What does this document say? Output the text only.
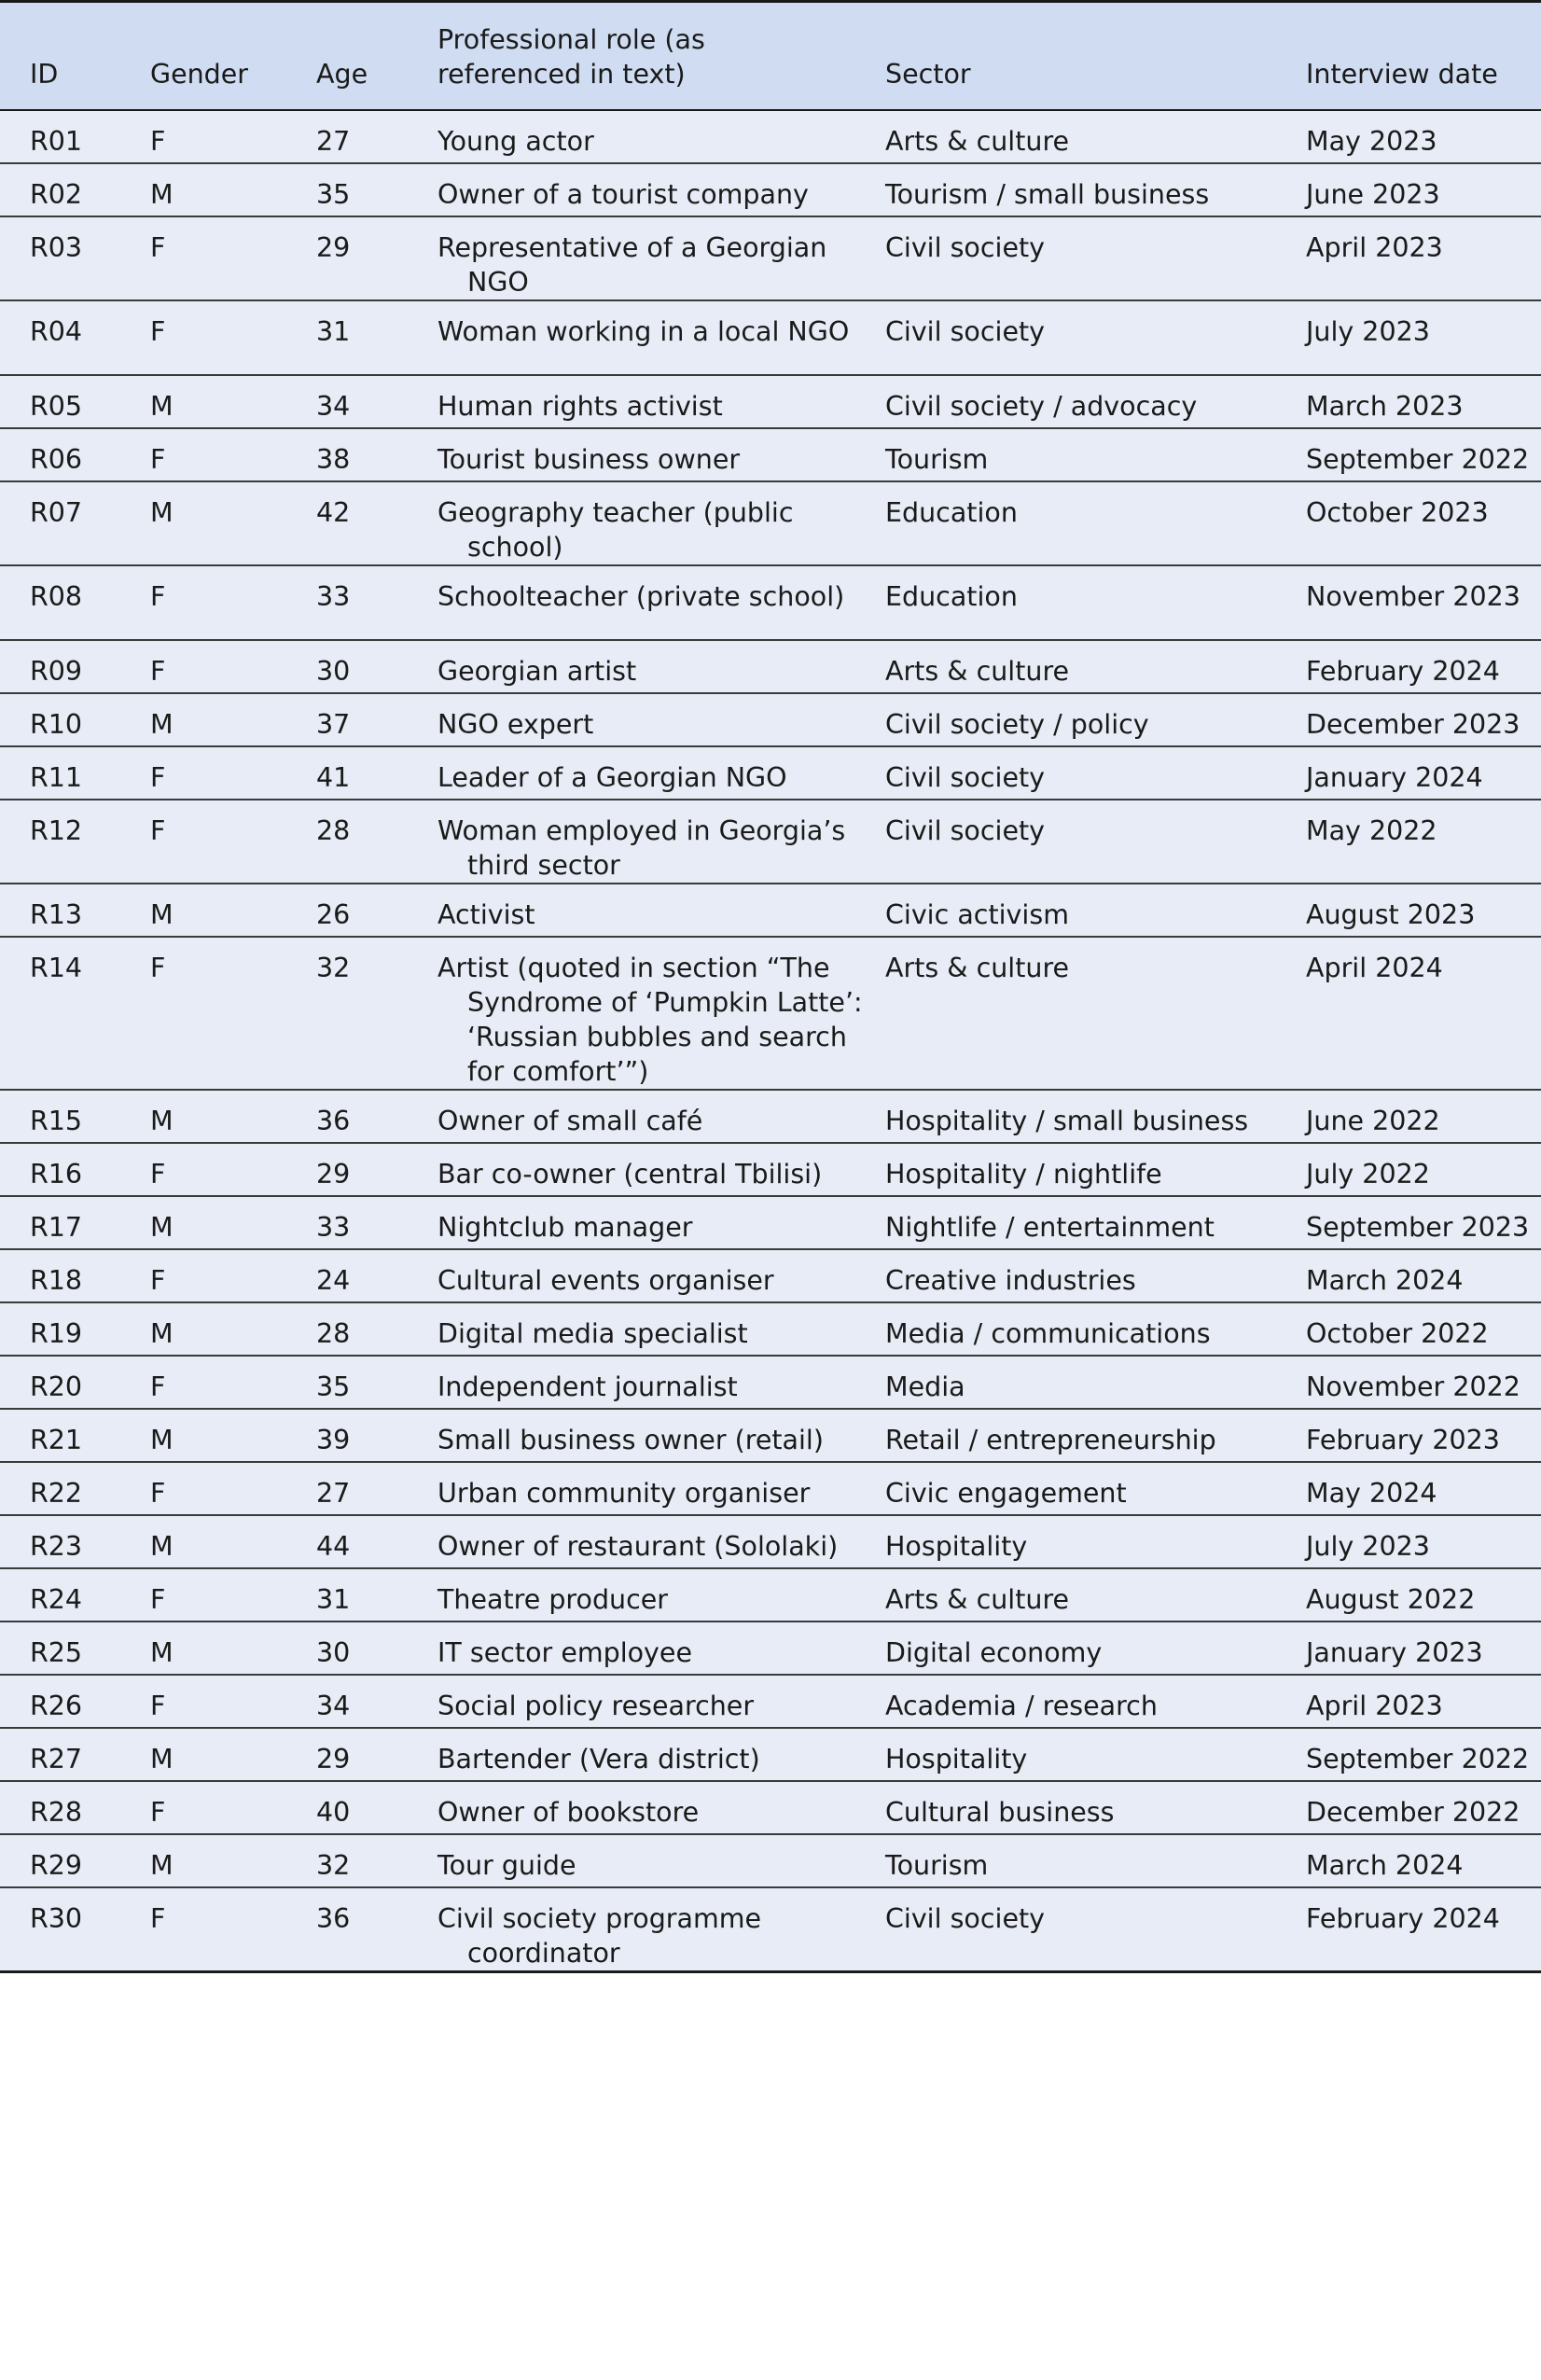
ID	Gender	Age	Professional role (as referenced in text)	Sector	Interview date
R01	F	27	Young actor	Arts & culture	May 2023
R02	M	35	Owner of a tourist company	Tourism / small business	June 2023
R03	F	29	Representative of a Georgian NGO	Civil society	April 2023
R04	F	31	Woman working in a local NGO	Civil society	July 2023
R05	M	34	Human rights activist	Civil society / advocacy	March 2023
R06	F	38	Tourist business owner	Tourism	September 2022
R07	M	42	Geography teacher (public school)	Education	October 2023
R08	F	33	Schoolteacher (private school)	Education	November 2023
R09	F	30	Georgian artist	Arts & culture	February 2024
R10	M	37	NGO expert	Civil society / policy	December 2023
R11	F	41	Leader of a Georgian NGO	Civil society	January 2024
R12	F	28	Woman employed in Georgia’s third sector	Civil society	May 2022
R13	M	26	Activist	Civic activism	August 2023
R14	F	32	Artist (quoted in section “The Syndrome of ‘Pumpkin Latte’: ‘Russian bubbles and search for comfort’”)	Arts & culture	April 2024
R15	M	36	Owner of small café	Hospitality / small business	June 2022
R16	F	29	Bar co-owner (central Tbilisi)	Hospitality / nightlife	July 2022
R17	M	33	Nightclub manager	Nightlife / entertainment	September 2023
R18	F	24	Cultural events organiser	Creative industries	March 2024
R19	M	28	Digital media specialist	Media / communications	October 2022
R20	F	35	Independent journalist	Media	November 2022
R21	M	39	Small business owner (retail)	Retail / entrepreneurship	February 2023
R22	F	27	Urban community organiser	Civic engagement	May 2024
R23	M	44	Owner of restaurant (Sololaki)	Hospitality	July 2023
R24	F	31	Theatre producer	Arts & culture	August 2022
R25	M	30	IT sector employee	Digital economy	January 2023
R26	F	34	Social policy researcher	Academia / research	April 2023
R27	M	29	Bartender (Vera district)	Hospitality	September 2022
R28	F	40	Owner of bookstore	Cultural business	December 2022
R29	M	32	Tour guide	Tourism	March 2024
R30	F	36	Civil society programme coordinator	Civil society	February 2024
